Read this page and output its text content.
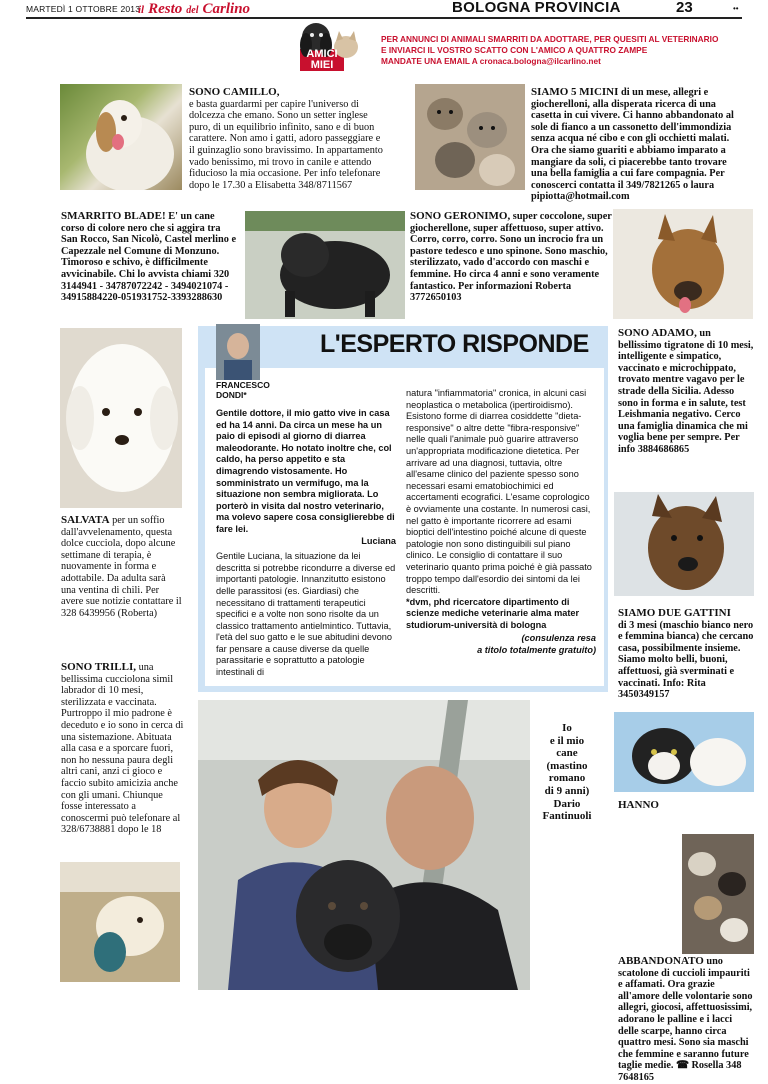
MARTEDÌ 1 OTTOBRE 2013
il Resto del Carlino	BOLOGNA PROVINCIA	23	••
AMICI
MIEI
PER ANNUNCI DI ANIMALI SMARRITI DA ADOTTARE, PER QUESITI AL VETERINARIO
E INVIARCI IL VOSTRO SCATTO CON L'AMICO A QUATTRO ZAMPE
MANDATE UNA EMAIL A cronaca.bologna@ilcarlino.net

SONO CAMILLO,

e basta guardarmi per capire l'universo di dolcezza che emano. Sono un setter inglese puro, di un equilibrio infinito, sano e di buon carattere. Non amo i gatti, adoro passeggiare e il guinzaglio sono bravissimo. In appartamento vado benissimo, mi trovo in canile e attendo fiducioso la mia occasione. Per info telefonare dopo le 17.30 a Elisabetta 348/8711567

SIAMO 5 MICINI di un mese, allegri e giocherelloni, alla disperata ricerca di una casetta in cui vivere. Ci hanno abbandonato al sole di fianco a un cassonetto dell'immondizia senza acqua né cibo e con gli occhietti malati. Ora che siamo guariti e abbiamo imparato a mangiare da soli, ci piacerebbe tanto trovare una bella famiglia a cui fare compagnia. Per conoscerci contatta il 349/7821265 o laura pipiotta@hotmail.com

SMARRITO BLADE! E' un cane corso di colore nero che si aggira tra San Rocco, San Nicolò, Castel merlino e Capezzale nel Comune di Monzuno. Timoroso e schivo, è difficilmente avvicinabile. Chi lo avvista chiami 320 3144941 - 34787072242 - 3494021074 - 34915884220-051931752-3393288630

SONO GERONIMO, super coccolone, super giocherellone, super affettuoso, super attivo. Corro, corro, corro. Sono un incrocio fra un pastore tedesco e uno spinone. Sono maschio, sterilizzato, vado d'accordo con maschi e femmine. Ho circa 4 anni e sono veramente fantastico. Per informazioni Roberta 3772650103

SALVATA per un soffio dall'avvelenamento, questa dolce cucciola, dopo alcune settimane di terapia, è nuovamente in forma e adottabile. Da adulta sarà una ventina di chili. Per avere sue notizie contattare il 328 6439956 (Roberta)

SONO TRILLI, una bellissima cucciolona simil labrador di 10 mesi, sterilizzata e vaccinata. Purtroppo il mio padrone è deceduto e io sono in cerca di una sistemazione. Abituata alla casa e a sporcare fuori, non ho nessuna paura degli altri cani, anzi ci gioco e faccio subito amicizia anche con gli umani. Chiunque fosse interessato a conoscermi può telefonare al 328/6738881 dopo le 18

L'ESPERTO RISPONDE
FRANCESCO
DONDI*

Gentile dottore, il mio gatto vive in casa ed ha 14 anni. Da circa un mese ha un paio di episodi al giorno di diarrea maleodorante. Ho notato inoltre che, col caldo, ha perso appetito e sta dimagrendo vistosamente. Ho somministrato un vermifugo, ma la situazione non sembra migliorata. Lo porterò in visita dal nostro veterinario, ma volevo sapere cosa consiglierebbe di fare lei.

Luciana

Gentile Luciana, la situazione da lei descritta si potrebbe ricondurre a diverse ed importanti patologie. Innanzitutto esistono delle parassitosi (es. Giardiasi) che necessitano di trattamenti terapeutici specifici e a volte non sono risolte da un classico trattamento antielmintico. Tuttavia, l'età del suo gatto e le sue abitudini devono far pensare a cause diverse da quelle parassitarie e soprattutto a patologie intestinali di

natura "infiammatoria" cronica, in alcuni casi neoplastica o metabolica (ipertiroidismo). Esistono forme di diarrea cosiddette "dieta-responsive" o altre dette "fibra-responsive" nelle quali l'animale può guarire attraverso un'appropriata modificazione dietetica. Per arrivare ad una diagnosi, tuttavia, oltre all'esame clinico del paziente spesso sono necessari esami ematobiochimici ed accertamenti ecografici. L'esame coprologico è ovviamente una costante. In numerosi casi, nel gatto è importante ricorrere ad esami bioptici dell'intestino poiché alcune di queste patologie non sono distinguibili sul piano clinico. Le consiglio di contattare il suo veterinario quanto prima poiché è già passato troppo tempo dall'esordio dei sintomi da lei descritti.

*dvm, phd ricercatore dipartimento di scienze mediche veterinarie alma mater studiorum-università di bologna

(consulenza resa

a titolo totalmente gratuito)

SONO ADAMO, un bellissimo tigratone di 10 mesi, intelligente e simpatico, vaccinato e microchippato, trovato mentre vagavo per le strade della Sicilia. Adesso sono in forma e in salute, test Leishmania negativo. Cerco una famiglia dinamica che mi voglia bene per sempre. Per info 3884686865

SIAMO DUE GATTINI

di 3 mesi (maschio bianco nero e femmina bianca) che cercano casa, possibilmente insieme. Siamo molto belli, buoni, affettuosi, già sverminati e vaccinati. Info: Rita 3450349157

HANNO ABBANDONATO uno scatolone di cuccioli impauriti e affamati. Ora grazie all'amore delle volontarie sono allegri, giocosi, affettuosissimi, adorano le palline e i lacci delle scarpe, hanno circa quattro mesi. Sono sia maschi che femmine e saranno future taglie medie. ☎ Rosella 348 7648165

Io
e il mio
cane
(mastino
romano
di 9 anni)
Dario
Fantinuoli
